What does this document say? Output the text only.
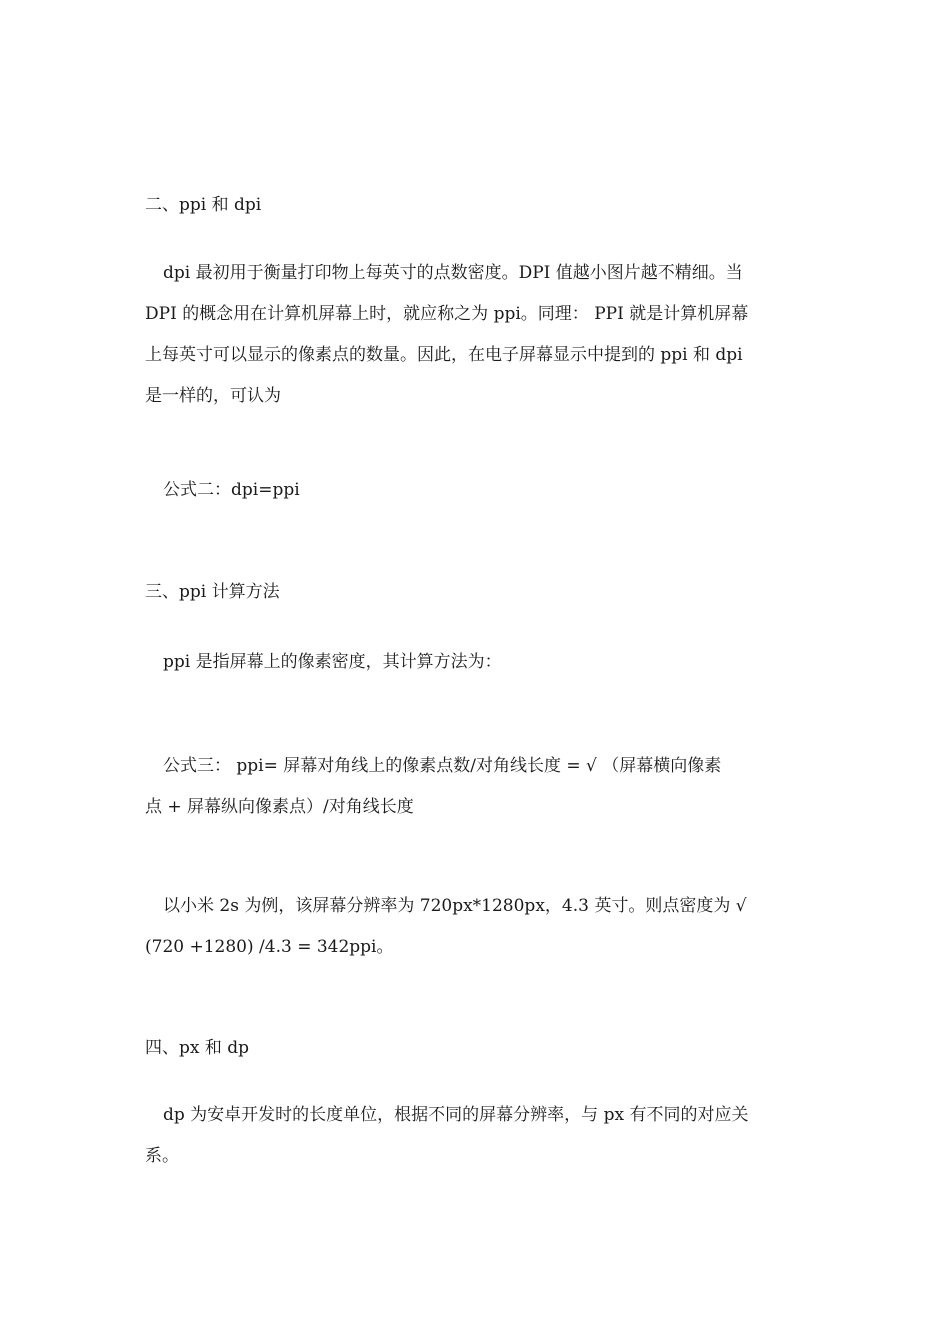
二、ppi 和 dpi
dpi 最初用于衡量打印物上每英寸的点数密度。DPI 值越小图片越不精细。当
DPI 的概念用在计算机屏幕上时，就应称之为 ppi。同理： PPI 就是计算机屏幕
上每英寸可以显示的像素点的数量。因此，在电子屏幕显示中提到的 ppi 和 dpi
是一样的，可认为
公式二：dpi=ppi
三、ppi 计算方法
ppi 是指屏幕上的像素密度，其计算方法为：
公式三： ppi= 屏幕对角线上的像素点数/对角线长度 = √ （屏幕横向像素
点 + 屏幕纵向像素点）/对角线长度
以小米 2s 为例，该屏幕分辨率为 720px*1280px，4.3 英寸。则点密度为 √
(720 +1280) /4.3 = 342ppi。
四、px 和 dp
dp 为安卓开发时的长度单位，根据不同的屏幕分辨率，与 px 有不同的对应关
系。
